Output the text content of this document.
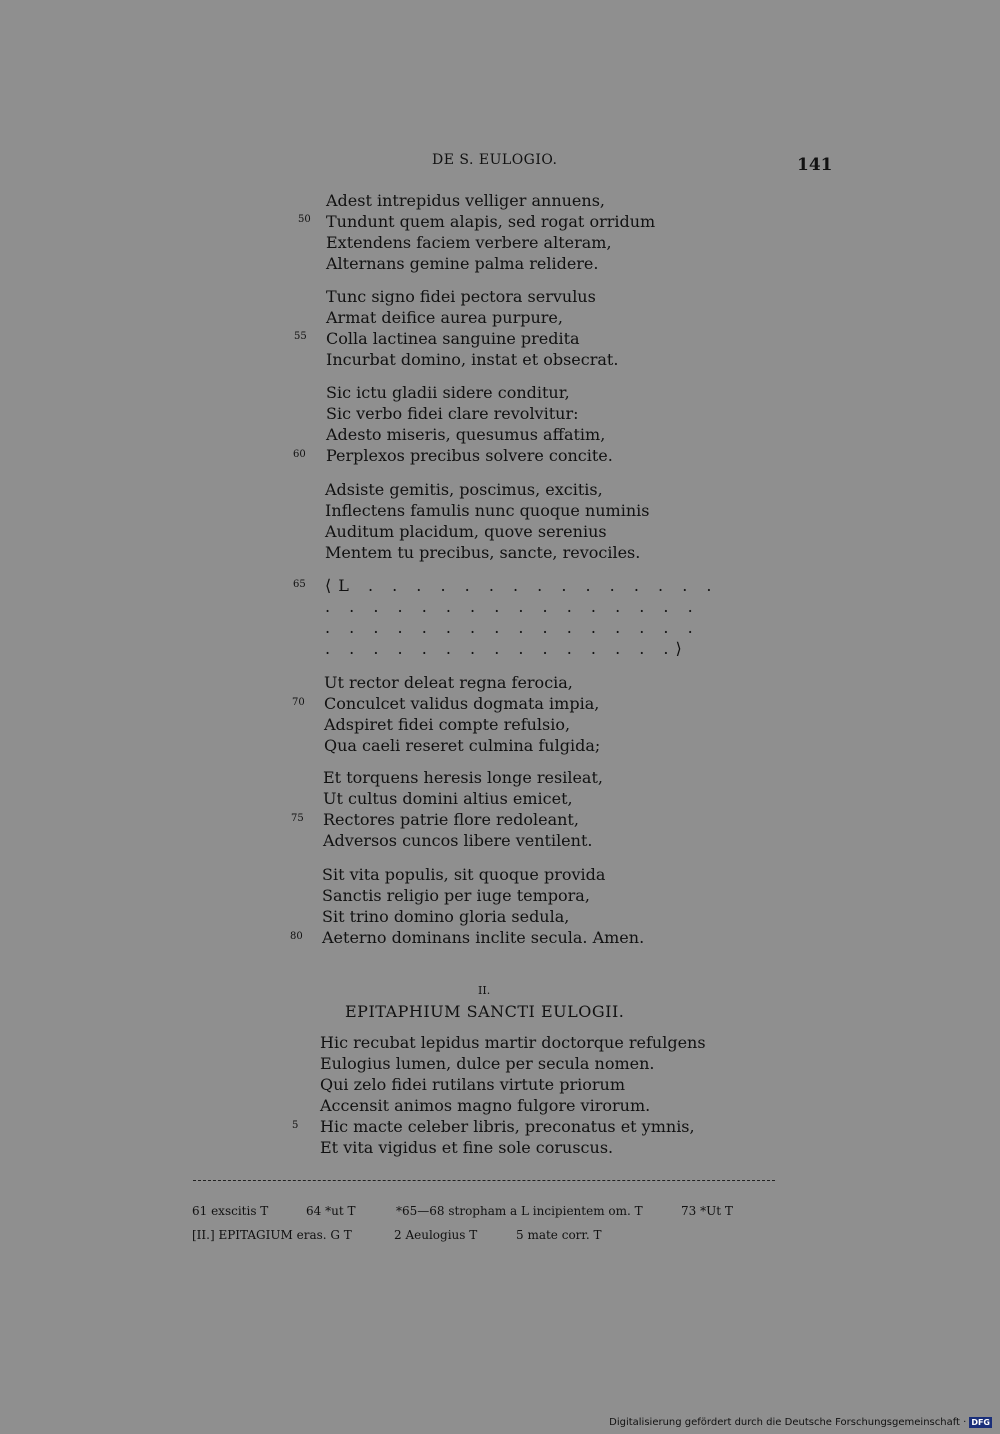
DE S. EULOGIO.	141
Adest intrepidus velliger annuens,
Tundunt quem alapis, sed rogat orridum
Extendens faciem verbere alteram,
Alternans gemine palma relidere.
Tunc signo fidei pectora servulus
Armat deifice aurea purpure,
Colla lactinea sanguine predita
Incurbat domino, instat et obsecrat.
Sic ictu gladii sidere conditur,
Sic verbo fidei clare revolvitur:
Adesto miseris, quesumus affatim,
Perplexos precibus solvere concite.
Adsiste gemitis, poscimus, excitis,
Inflectens famulis nunc quoque numinis
Auditum placidum, quove serenius
Mentem tu precibus, sancte, revociles.
⟨L . . . . . . . . . . . . . . .
. . . . . . . . . . . . . . . .
. . . . . . . . . . . . . . . .
. . . . . . . . . . . . . . .⟩
Ut rector deleat regna ferocia,
Conculcet validus dogmata impia,
Adspiret fidei compte refulsio,
Qua caeli reseret culmina fulgida;
Et torquens heresis longe resileat,
Ut cultus domini altius emicet,
Rectores patrie flore redoleant,
Adversos cuncos libere ventilent.
Sit vita populis, sit quoque provida
Sanctis religio per iuge tempora,
Sit trino domino gloria sedula,
Aeterno dominans inclite secula. Amen.
50
55
60
65
70
75
80
II.
EPITAPHIUM SANCTI EULOGII.
Hic recubat lepidus martir doctorque refulgens
Eulogius lumen, dulce per secula nomen.
Qui zelo fidei rutilans virtute priorum
Accensit animos magno fulgore virorum.
Hic macte celeber libris, preconatus et ymnis,
Et vita vigidus et fine sole coruscus.
5
61 exscitis T	64 *ut T	*65—68 stropham a L incipientem om. T	73 *Ut T
[II.] EPITAGIUM eras. G T	2 Aeulogius T	5 mate corr. T
Digitalisierung gefördert durch die Deutsche Forschungsgemeinschaft · DFG
